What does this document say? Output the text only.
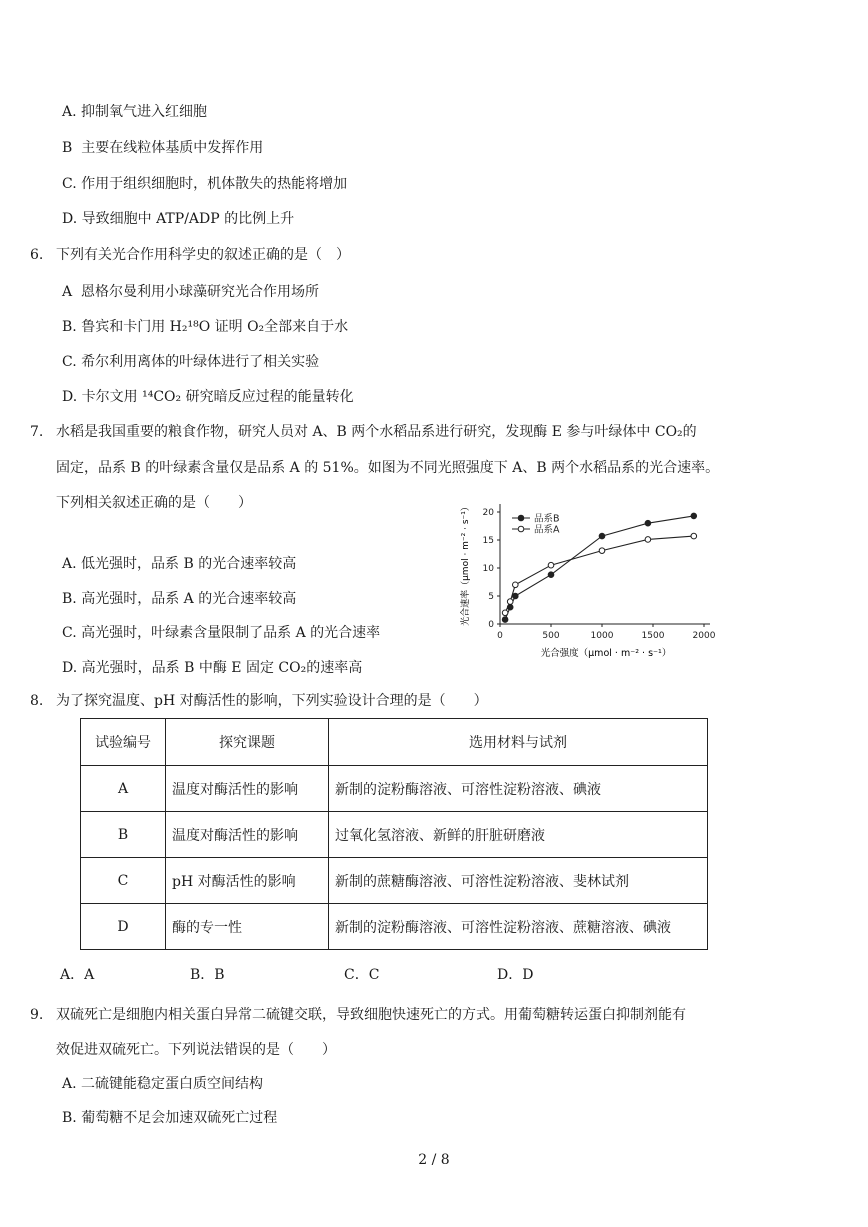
A. 抑制氧气进入红细胞
B 主要在线粒体基质中发挥作用
C. 作用于组织细胞时，机体散失的热能将增加
D. 导致细胞中 ATP/ADP 的比例上升
6. 下列有关光合作用科学史的叙述正确的是（　）
A 恩格尔曼利用小球藻研究光合作用场所
B. 鲁宾和卡门用 H₂¹⁸O 证明 O₂全部来自于水
C. 希尔利用离体的叶绿体进行了相关实验
D. 卡尔文用 ¹⁴CO₂ 研究暗反应过程的能量转化
7. 水稻是我国重要的粮食作物，研究人员对 A、B 两个水稻品系进行研究，发现酶 E 参与叶绿体中 CO₂的
固定，品系 B 的叶绿素含量仅是品系 A 的 51%。如图为不同光照强度下 A、B 两个水稻品系的光合速率。
下列相关叙述正确的是（　　）
A. 低光强时，品系 B 的光合速率较高
B. 高光强时，品系 A 的光合速率较高
C. 高光强时，叶绿素含量限制了品系 A 的光合速率
D. 高光强时，品系 B 中酶 E 固定 CO₂的速率高
0	500	1000	1500	2000
0
5
10
15
20
品系B
品系A
光合速率（μmol · m⁻² · s⁻¹）
光合强度（μmol · m⁻² · s⁻¹）
8. 为了探究温度、pH 对酶活性的影响，下列实验设计合理的是（　　）
试验编号	探究课题	选用材料与试剂
A	温度对酶活性的影响	新制的淀粉酶溶液、可溶性淀粉溶液、碘液
B	温度对酶活性的影响	过氧化氢溶液、新鲜的肝脏研磨液
C	pH 对酶活性的影响	新制的蔗糖酶溶液、可溶性淀粉溶液、斐林试剂
D	酶的专一性	新制的淀粉酶溶液、可溶性淀粉溶液、蔗糖溶液、碘液
A．A	B．B	C．C	D．D
9. 双硫死亡是细胞内相关蛋白异常二硫键交联，导致细胞快速死亡的方式。用葡萄糖转运蛋白抑制剂能有
效促进双硫死亡。下列说法错误的是（　　）
A. 二硫键能稳定蛋白质空间结构
B. 葡萄糖不足会加速双硫死亡过程
2 / 8
